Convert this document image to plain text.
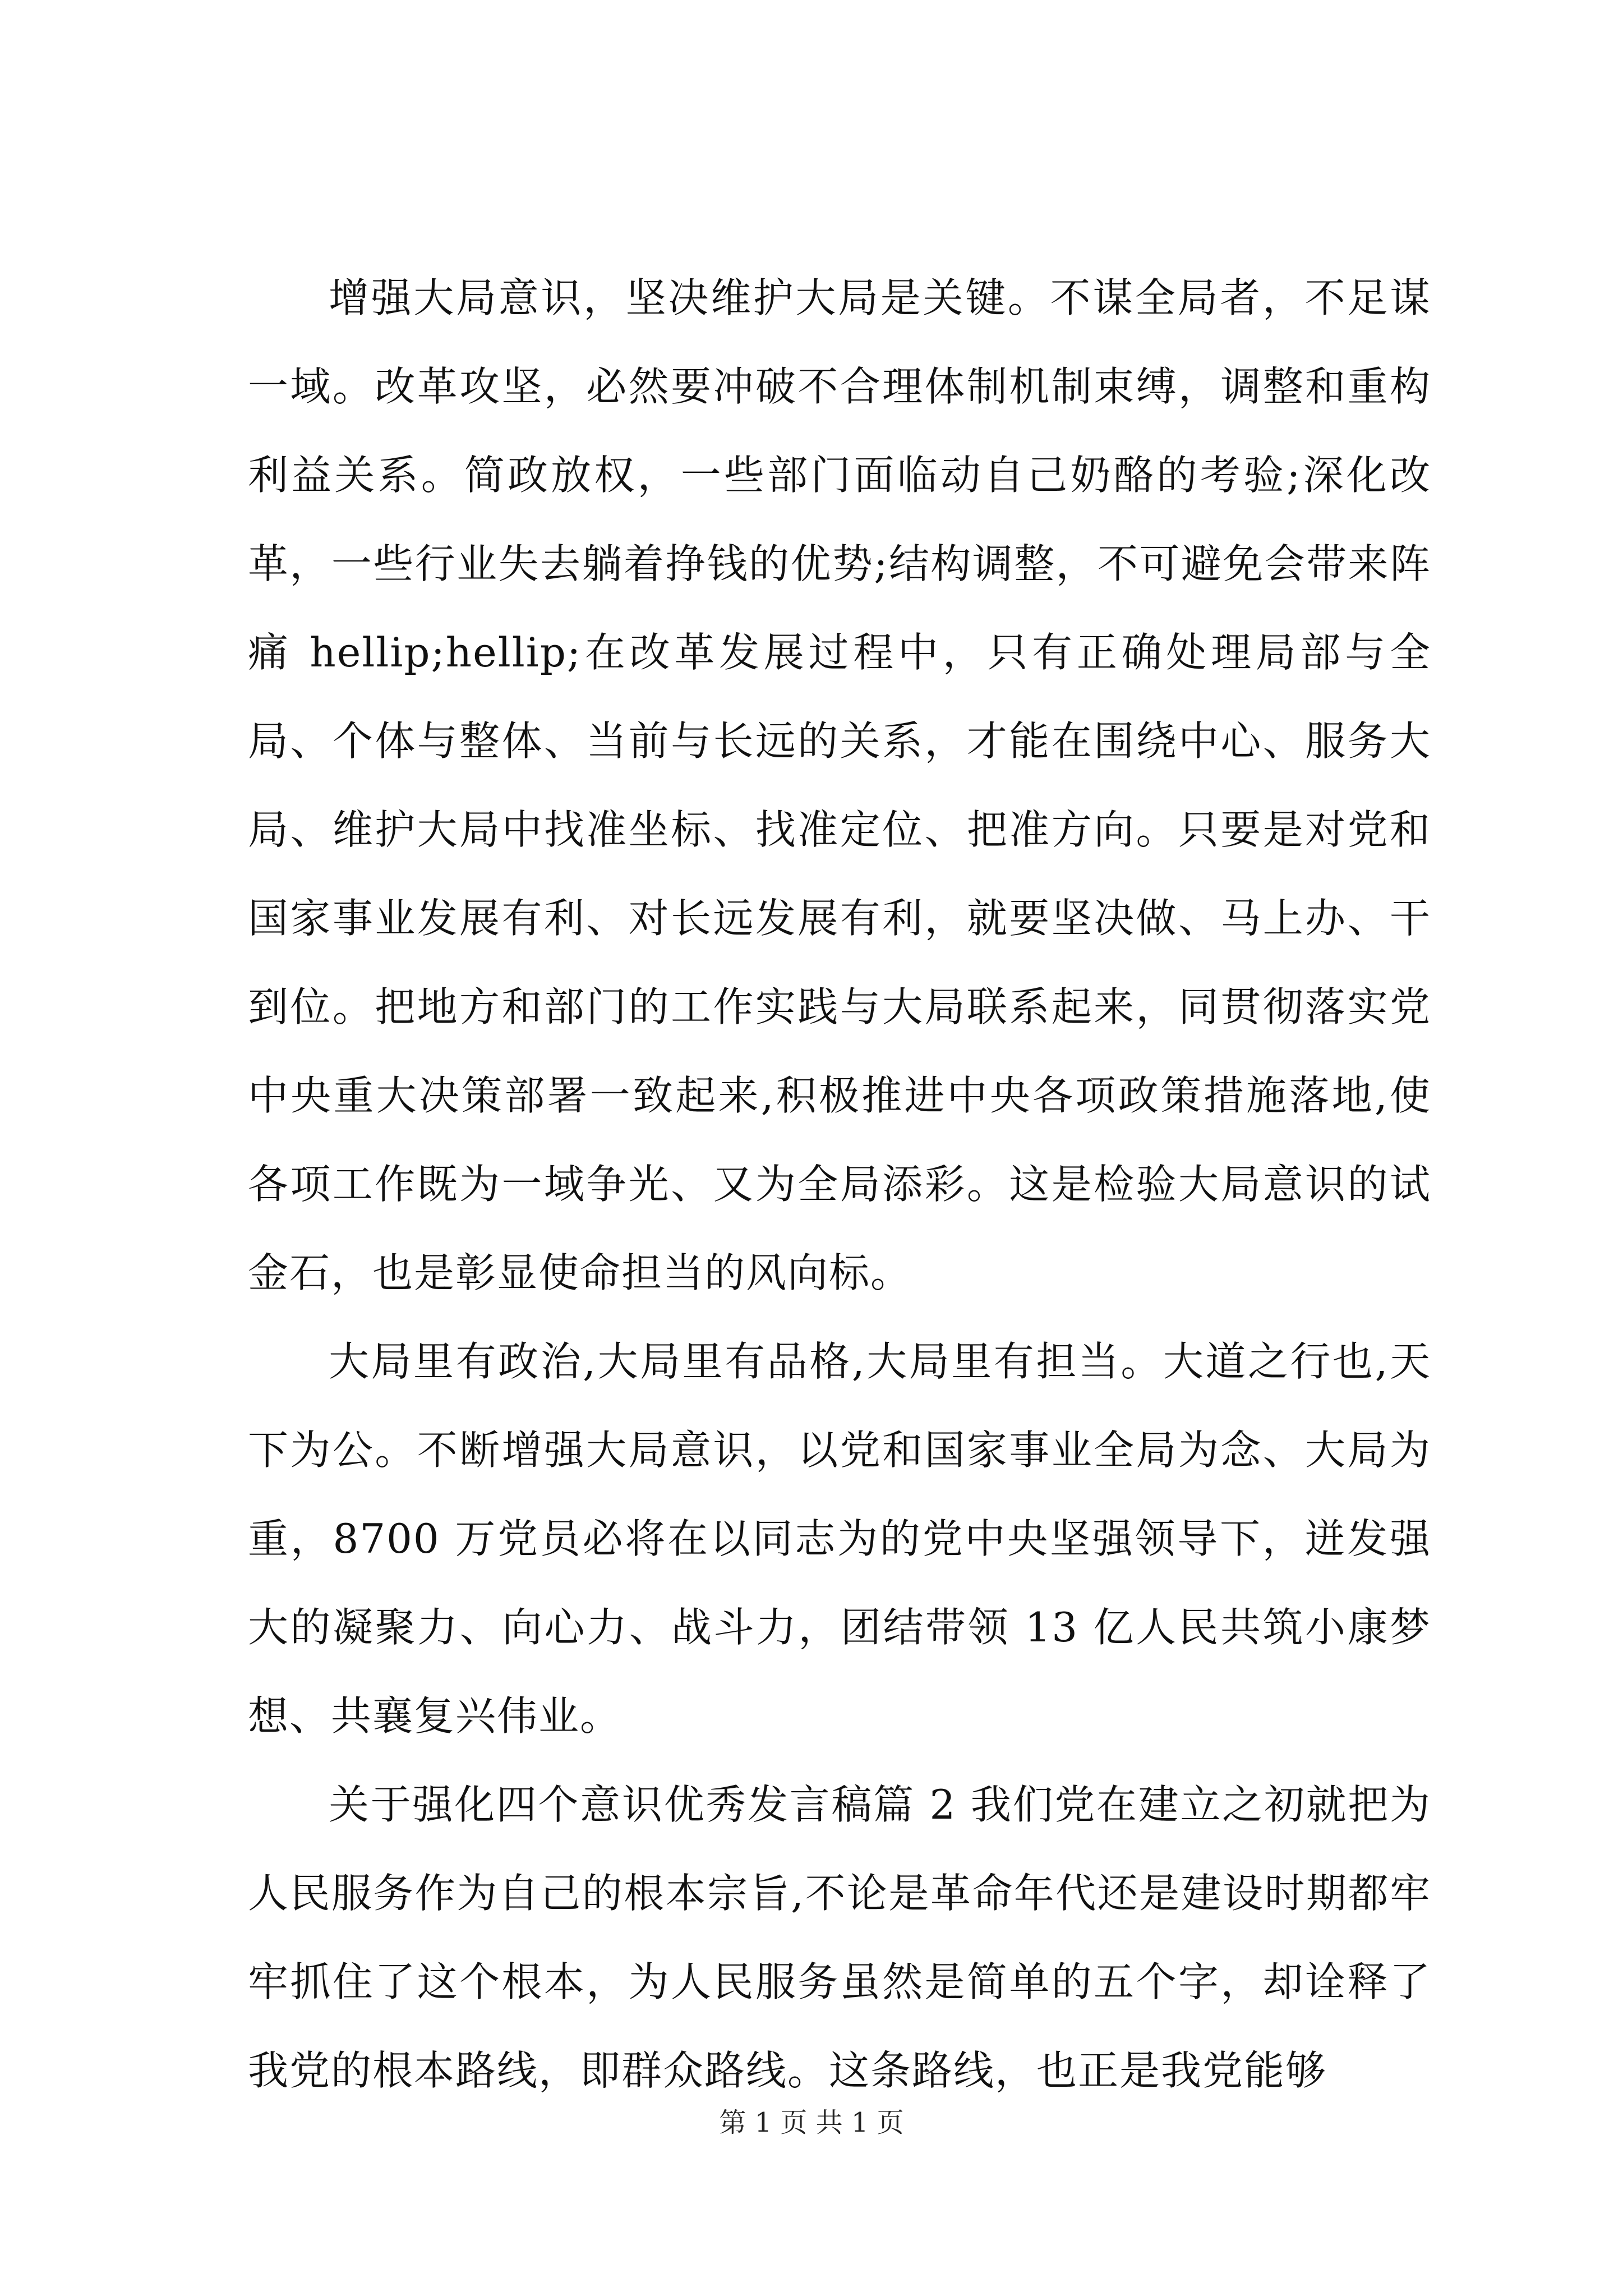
增强大局意识，坚决维护大局是关键。不谋全局者，不足谋一域。改革攻坚，必然要冲破不合理体制机制束缚，调整和重构利益关系。简政放权，一些部门面临动自己奶酪的考验;深化改革，一些行业失去躺着挣钱的优势;结构调整，不可避免会带来阵痛 hellip;hellip;在改革发展过程中，只有正确处理局部与全局、个体与整体、当前与长远的关系，才能在围绕中心、服务大局、维护大局中找准坐标、找准定位、把准方向。只要是对党和国家事业发展有利、对长远发展有利，就要坚决做、马上办、干到位。把地方和部门的工作实践与大局联系起来，同贯彻落实党中央重大决策部署一致起来,积极推进中央各项政策措施落地,使各项工作既为一域争光、又为全局添彩。这是检验大局意识的试金石，也是彰显使命担当的风向标。

大局里有政治,大局里有品格,大局里有担当。大道之行也,天下为公。不断增强大局意识，以党和国家事业全局为念、大局为重，8700 万党员必将在以同志为的党中央坚强领导下，迸发强大的凝聚力、向心力、战斗力，团结带领 13 亿人民共筑小康梦想、共襄复兴伟业。

关于强化四个意识优秀发言稿篇 2 我们党在建立之初就把为人民服务作为自己的根本宗旨,不论是革命年代还是建设时期都牢牢抓住了这个根本，为人民服务虽然是简单的五个字，却诠释了我党的根本路线，即群众路线。这条路线，也正是我党能够

第 1 页 共 1 页
